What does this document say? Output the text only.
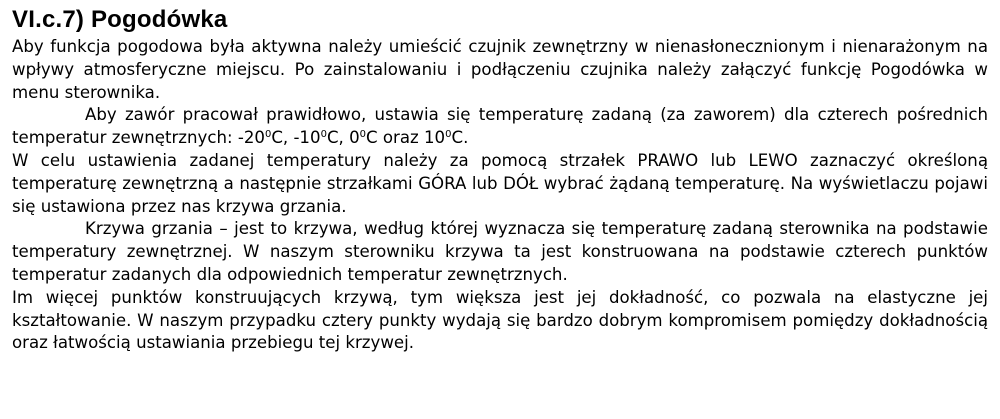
VI.c.7) Pogodówka

Aby funkcja pogodowa była aktywna należy umieścić czujnik zewnętrzny w nienasłonecznionym i nienarażonym na wpływy atmosferyczne miejscu. Po zainstalowaniu i podłączeniu czujnika należy załączyć funkcję Pogodówka w menu sterownika.

Aby zawór pracował prawidłowo, ustawia się temperaturę zadaną (za zaworem) dla czterech pośrednich temperatur zewnętrznych: $-20^0C$, $-10^0C$, $0^0C$ oraz $10^0C$.

W celu ustawienia zadanej temperatury należy za pomocą strzałek PRAWO lub LEWO zaznaczyć określoną temperaturę zewnętrzną a następnie strzałkami GÓRA lub DÓŁ wybrać żądaną temperaturę. Na wyświetlaczu pojawi się ustawiona przez nas krzywa grzania.

Krzywa grzania – jest to krzywa, według której wyznacza się temperaturę zadaną sterownika na podstawie temperatury zewnętrznej. W naszym sterowniku krzywa ta jest konstruowana na podstawie czterech punktów temperatur zadanych dla odpowiednich temperatur zewnętrznych.

Im więcej punktów konstruujących krzywą, tym większa jest jej dokładność, co pozwala na elastyczne jej kształtowanie. W naszym przypadku cztery punkty wydają się bardzo dobrym kompromisem pomiędzy dokładnością oraz łatwością ustawiania przebiegu tej krzywej.
